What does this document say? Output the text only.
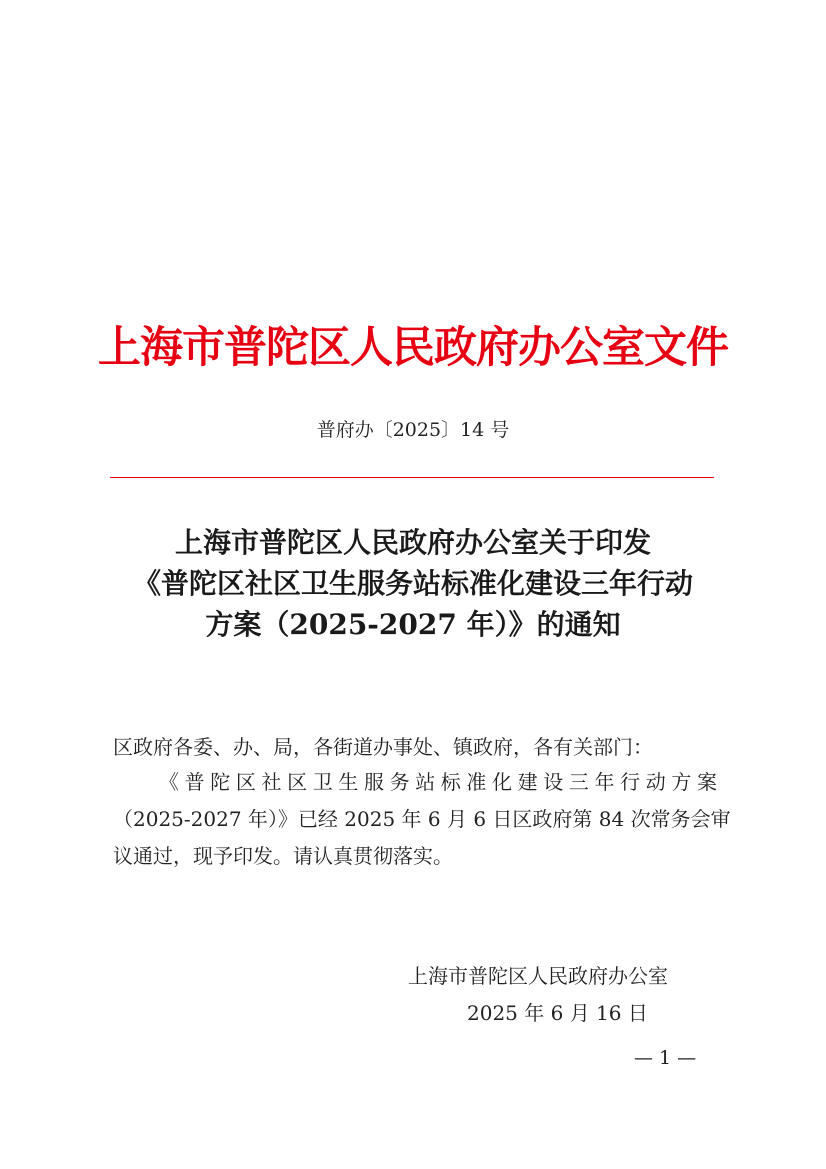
上海市普陀区人民政府办公室文件
普府办〔2025〕14 号
上海市普陀区人民政府办公室关于印发
《普陀区社区卫生服务站标准化建设三年行动
方案（2025-2027 年）》的通知
区政府各委、办、局，各街道办事处、镇政府，各有关部门：
《普陀区社区卫生服务站标准化建设三年行动方案
（2025-2027 年）》已经 2025 年 6 月 6 日区政府第 84 次常务会审
议通过，现予印发。请认真贯彻落实。
上海市普陀区人民政府办公室
2025 年 6 月 16 日
— 1 —
